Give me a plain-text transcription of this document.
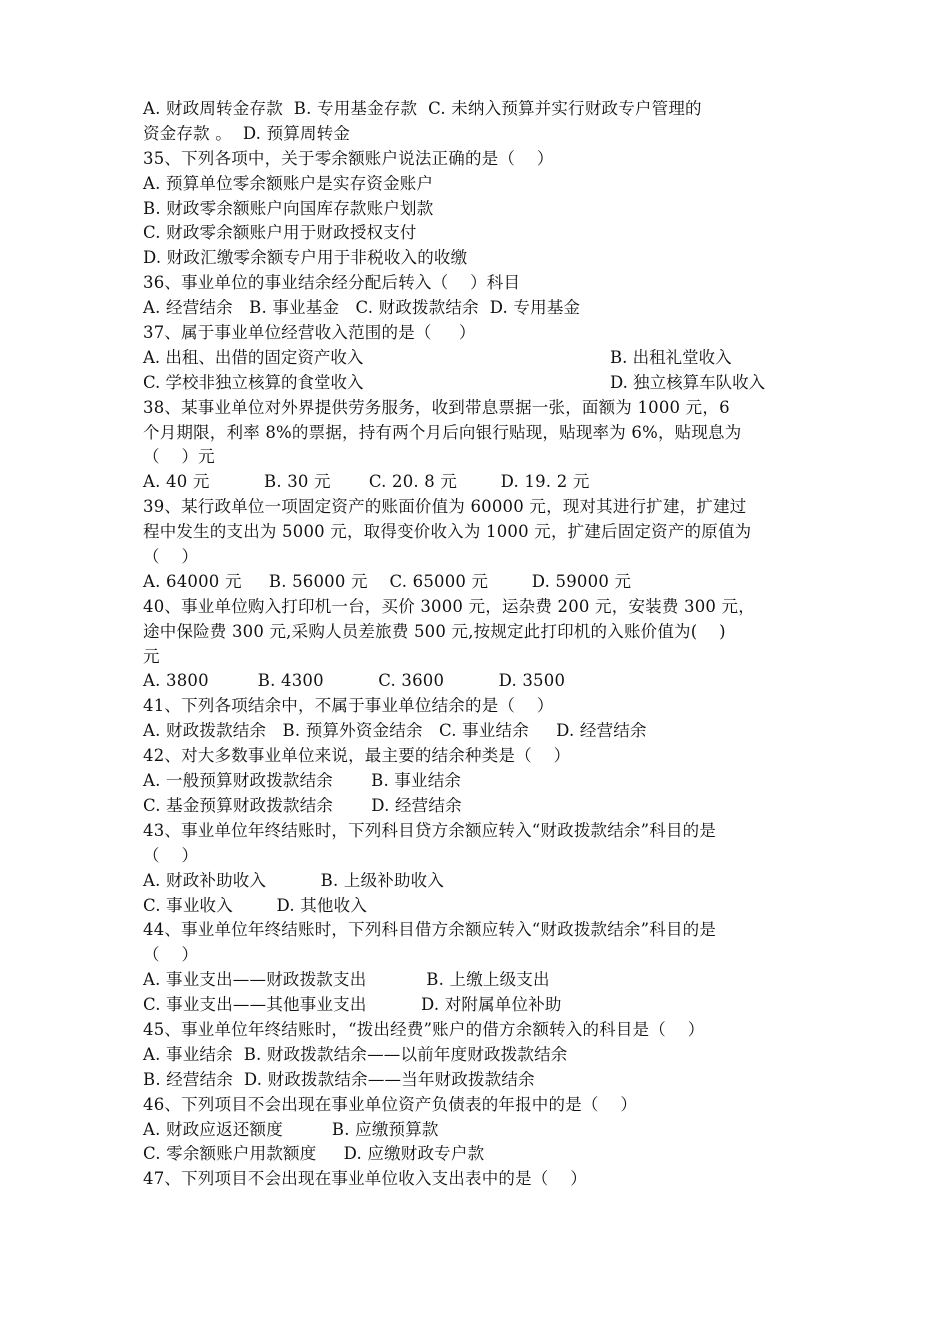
A. 财政周转金存款  B. 专用基金存款  C. 未纳入预算并实行财政专户管理的
资金存款 。  D. 预算周转金
35、下列各项中，关于零余额账户说法正确的是（    ）
A. 预算单位零余额账户是实存资金账户
B. 财政零余额账户向国库存款账户划款
C. 财政零余额账户用于财政授权支付
D. 财政汇缴零余额专户用于非税收入的收缴
36、事业单位的事业结余经分配后转入（    ）科目
A. 经营结余   B. 事业基金   C. 财政拨款结余  D. 专用基金
37、属于事业单位经营收入范围的是（     ）

A. 出租、出借的固定资产收入

	B. 出租礼堂收入

C. 学校非独立核算的食堂收入

	D. 独立核算车队收入

38、某事业单位对外界提供劳务服务，收到带息票据一张，面额为 1000 元，6
个月期限，利率 8%的票据，持有两个月后向银行贴现，贴现率为 6%，贴现息为
（    ）元
A. 40 元          B. 30 元       C. 20. 8 元        D. 19. 2 元
39、某行政单位一项固定资产的账面价值为 60000 元，现对其进行扩建，扩建过
程中发生的支出为 5000 元，取得变价收入为 1000 元，扩建后固定资产的原值为
（    ）
A. 64000 元     B. 56000 元    C. 65000 元        D. 59000 元
40、事业单位购入打印机一台，买价 3000 元，运杂费 200 元，安装费 300 元，
途中保险费 300 元,采购人员差旅费 500 元,按规定此打印机的入账价值为(    )
元
A. 3800         B. 4300          C. 3600          D. 3500
41、下列各项结余中，不属于事业单位结余的是（    ）
A. 财政拨款结余   B. 预算外资金结余   C. 事业结余     D. 经营结余
42、对大多数事业单位来说，最主要的结余种类是（    ）
A. 一般预算财政拨款结余       B. 事业结余
C. 基金预算财政拨款结余       D. 经营结余
43、事业单位年终结账时，下列科目贷方余额应转入“财政拨款结余”科目的是
（    ）
A. 财政补助收入          B. 上级补助收入
C. 事业收入        D. 其他收入
44、事业单位年终结账时，下列科目借方余额应转入“财政拨款结余”科目的是
（    ）
A. 事业支出——财政拨款支出           B. 上缴上级支出
C. 事业支出——其他事业支出          D. 对附属单位补助
45、事业单位年终结账时，“拨出经费”账户的借方余额转入的科目是（    ）
A. 事业结余  B. 财政拨款结余——以前年度财政拨款结余
B. 经营结余  D. 财政拨款结余——当年财政拨款结余
46、下列项目不会出现在事业单位资产负债表的年报中的是（    ）
A. 财政应返还额度         B. 应缴预算款
C. 零余额账户用款额度     D. 应缴财政专户款
47、下列项目不会出现在事业单位收入支出表中的是（    ）
